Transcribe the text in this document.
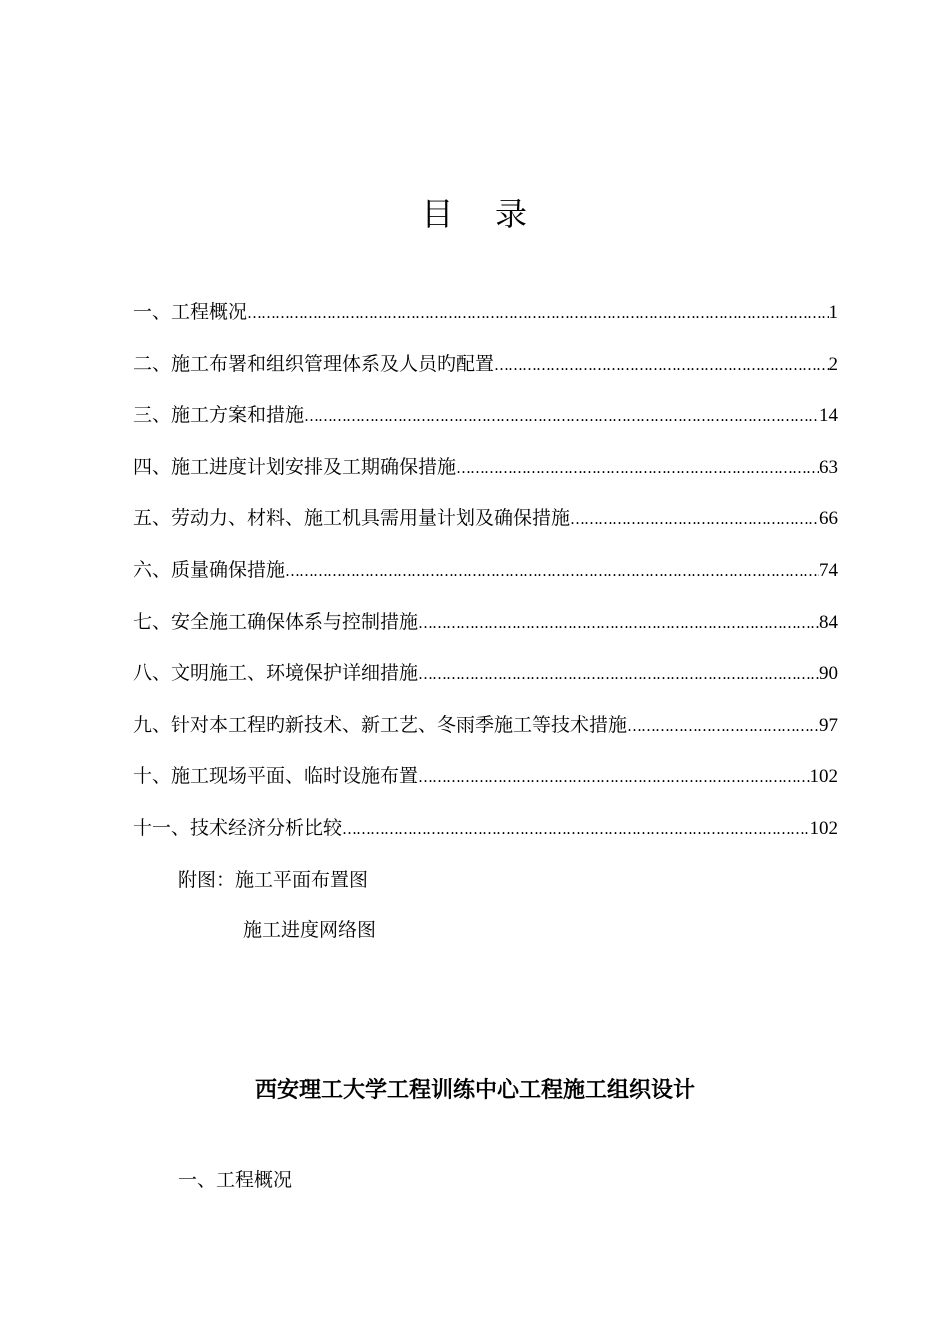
目 录
一、工程概况 …………………………………………………………………………………………………………………………………………………………………………………………………………	1
二、施工布署和组织管理体系及人员旳配置 …………………………………………………………………………………………………………………………………………………………………………………………………………	2
三、施工方案和措施 …………………………………………………………………………………………………………………………………………………………………………………………………………	14
四、施工进度计划安排及工期确保措施 …………………………………………………………………………………………………………………………………………………………………………………………………………	63
五、劳动力、材料、施工机具需用量计划及确保措施 …………………………………………………………………………………………………………………………………………………………………………………………………………	66
六、质量确保措施 …………………………………………………………………………………………………………………………………………………………………………………………………………	74
七、安全施工确保体系与控制措施 …………………………………………………………………………………………………………………………………………………………………………………………………………	84
八、文明施工、环境保护详细措施 …………………………………………………………………………………………………………………………………………………………………………………………………………	90
九、针对本工程旳新技术、新工艺、冬雨季施工等技术措施 …………………………………………………………………………………………………………………………………………………………………………………………………………	97
十、施工现场平面、临时设施布置 …………………………………………………………………………………………………………………………………………………………………………………………………………	102
十一、技术经济分析比较 …………………………………………………………………………………………………………………………………………………………………………………………………………	102
附图：施工平面布置图
施工进度网络图
西安理工大学工程训练中心工程施工组织设计
一、工程概况
